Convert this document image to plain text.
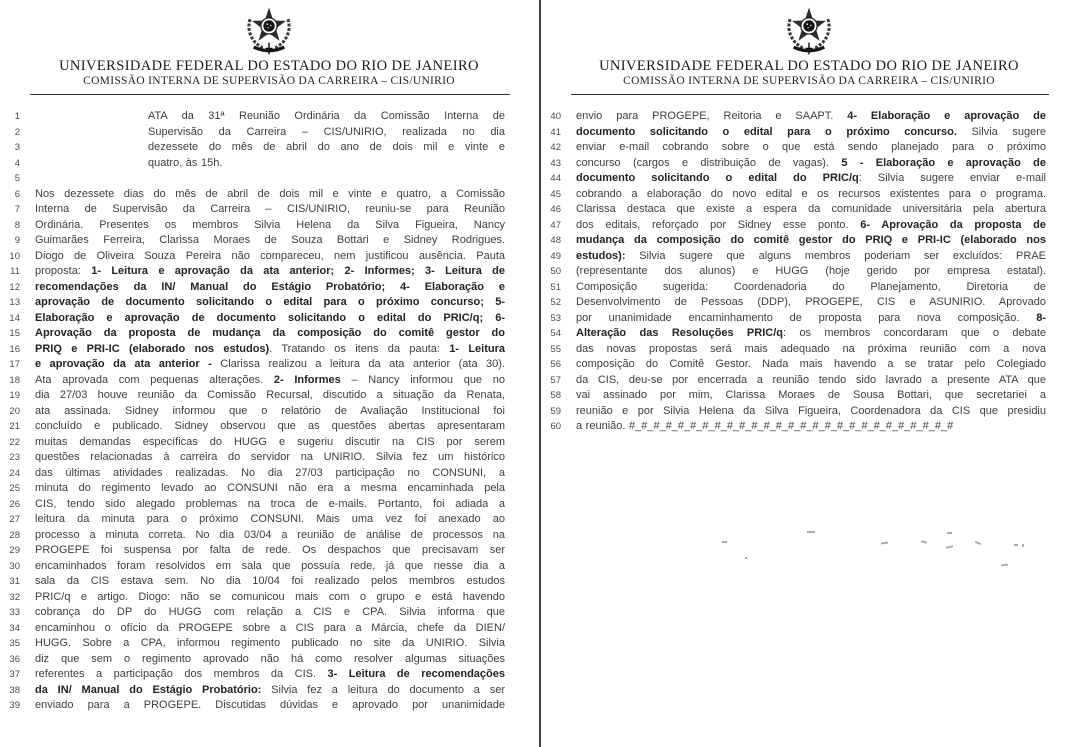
UNIVERSIDADE FEDERAL DO ESTADO DO RIO DE JANEIRO
COMISSÃO INTERNA DE SUPERVISÃO DA CARREIRA – CIS/UNIRIO
1	ATA da 31ª Reunião Ordinária da Comissão Interna de
2	Supervisão da Carreira – CIS/UNIRIO, realizada no dia
3	dezessete do mês de abril do ano de dois mil e vinte e
4	quatro, às 15h.
5
6 Nos dezessete dias do mês de abril de dois mil e vinte e quatro, a Comissão
7 Interna de Supervisão da Carreira – CIS/UNIRIO, reuniu-se para Reunião
8 Ordinária. Presentes os membros Silvia Helena da Silva Figueira, Nancy
9 Guimarães Ferreira, Clarissa Moraes de Souza Bottari e Sidney Rodrigues.
10 Diogo de Oliveira Souza Pereira não compareceu, nem justificou ausência. Pauta
11 proposta: 1- Leitura e aprovação da ata anterior; 2- Informes; 3- Leitura de
12 recomendações da IN/ Manual do Estágio Probatório; 4- Elaboração e
13 aprovação de documento solicitando o edital para o próximo concurso; 5-
14 Elaboração e aprovação de documento solicitando o edital do PRIC/q; 6-
15 Aprovação da proposta de mudança da composição do comitê gestor do
16 PRIQ e PRI-IC (elaborado nos estudos). Tratando os itens da pauta: 1- Leitura
17 e aprovação da ata anterior - Clarissa realizou a leitura da ata anterior (ata 30).
18 Ata aprovada com pequenas alterações. 2- Informes – Nancy informou que no
19 dia 27/03 houve reunião da Comissão Recursal, discutido a situação da Renata,
20 ata assinada. Sidney informou que o relatório de Avaliação Institucional foi
21 concluído e publicado. Sidney observou que as questões abertas apresentaram
22 muitas demandas específicas do HUGG e sugeriu discutir na CIS por serem
23 questões relacionadas à carreira do servidor na UNIRIO. Silvia fez um histórico
24 das últimas atividades realizadas. No dia 27/03 participação no CONSUNI, a
25 minuta do regimento levado ao CONSUNI não era a mesma encaminhada pela
26 CIS, tendo sido alegado problemas na troca de e-mails. Portanto, foi adiada a
27 leitura da minuta para o próximo CONSUNI. Mais uma vez foi anexado ao
28 processo a minuta correta. No dia 03/04 a reunião de análise de processos na
29 PROGEPE foi suspensa por falta de rede. Os despachos que precisavam ser
30 encaminhados foram resolvidos em sala que possuía rede, já que nesse dia a
31 sala da CIS estava sem. No dia 10/04 foi realizado pelos membros estudos
32 PRIC/q e artigo. Diogo: não se comunicou mais com o grupo e está havendo
33 cobrança do DP do HUGG com relação a CIS e CPA. Silvia informa que
34 encaminhou o ofício da PROGEPE sobre a CIS para a Márcia, chefe da DIEN/
35 HUGG. Sobre a CPA, informou regimento publicado no site da UNIRIO. Silvia
36 diz que sem o regimento aprovado não há como resolver algumas situações
37 referentes a participação dos membros da CIS. 3- Leitura de recomendações
38 da IN/ Manual do Estágio Probatório: Silvia fez a leitura do documento a ser
39 enviado para a PROGEPE. Discutidas dúvidas e aprovado por unanimidade
UNIVERSIDADE FEDERAL DO ESTADO DO RIO DE JANEIRO
COMISSÃO INTERNA DE SUPERVISÃO DA CARREIRA – CIS/UNIRIO
40 envio para PROGEPE, Reitoria e SAAPT. 4- Elaboração e aprovação de
41 documento solicitando o edital para o próximo concurso. Silvia sugere
42 enviar e-mail cobrando sobre o que está sendo planejado para o próximo
43 concurso (cargos e distribuição de vagas). 5 - Elaboração e aprovação de
44 documento solicitando o edital do PRIC/q: Silvia sugere enviar e-mail
45 cobrando a elaboração do novo edital e os recursos existentes para o programa.
46 Clarissa destaca que existe a espera da comunidade universitária pela abertura
47 dos editais, reforçado por Sidney esse ponto. 6- Aprovação da proposta de
48 mudança da composição do comitê gestor do PRIQ e PRI-IC (elaborado nos
49 estudos): Silvia sugere que alguns membros poderiam ser excluídos: PRAE
50 (representante dos alunos) e HUGG (hoje gerido por empresa estatal).
51 Composição sugerida: Coordenadoria do Planejamento, Diretoria de
52 Desenvolvimento de Pessoas (DDP), PROGEPE, CIS e ASUNIRIO. Aprovado
53 por unanimidade encaminhamento de proposta para nova composição. 8-
54 Alteração das Resoluções PRIC/q: os membros concordaram que o debate
55 das novas propostas será mais adequado na próxima reunião com a nova
56 composição do Comitê Gestor. Nada mais havendo a se tratar pelo Colegiado
57 da CIS, deu-se por encerrada a reunião tendo sido lavrado a presente ATA que
58 vai assinado por mim, Clarissa Moraes de Sousa Bottari, que secretariei a
59 reunião e por Silvia Helena da Silva Figueira, Coordenadora da CIS que presidiu
60 a reunião. #_#_#_#_#_#_#_#_#_#_#_#_#_#_#_#_#_#_#_#_#_#_#_#_#_#_#
